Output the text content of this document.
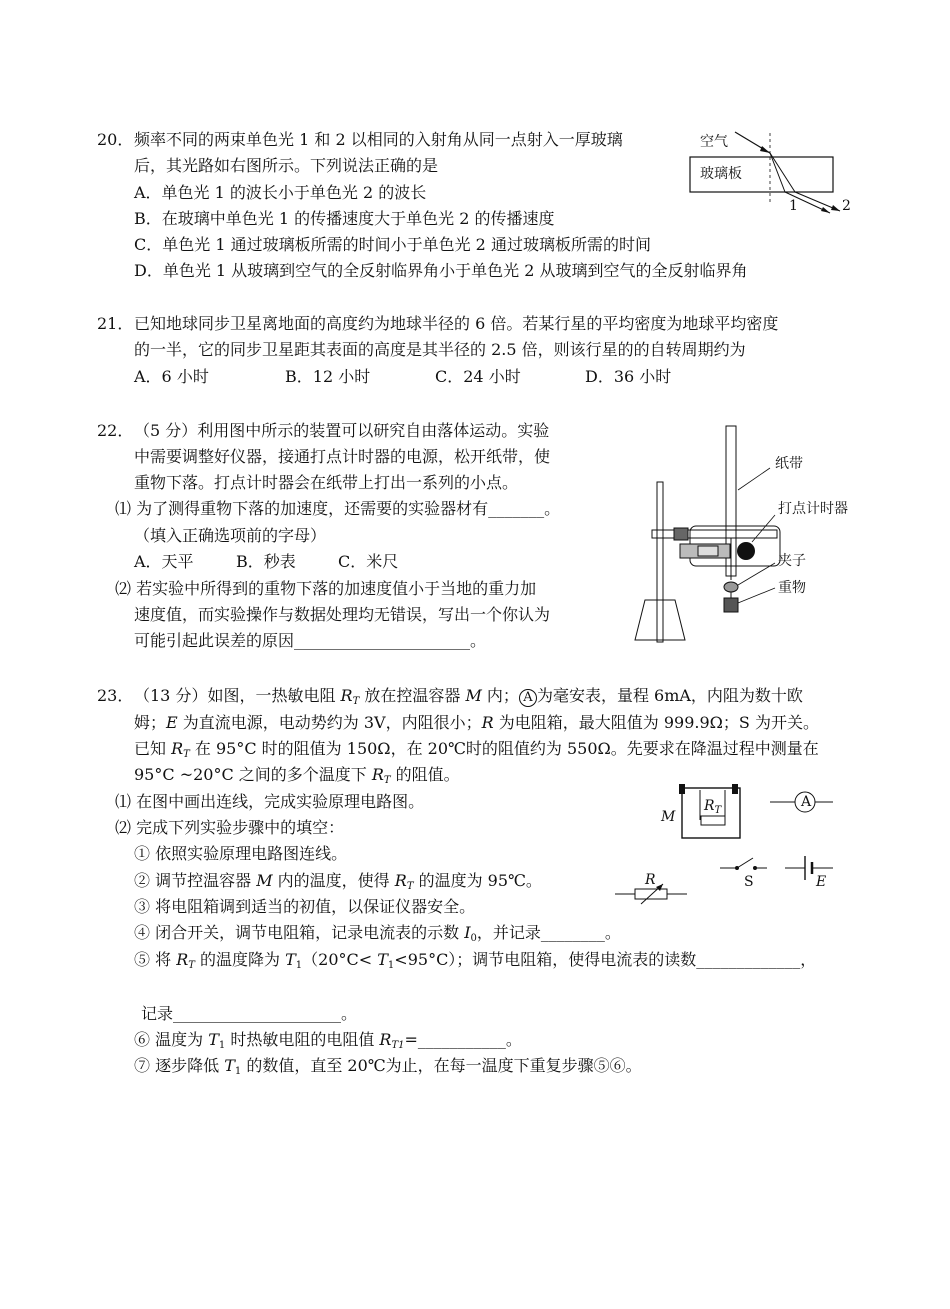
20． 频率不同的两束单色光 1 和 2 以相同的入射角从同一点射入一厚玻璃
后，其光路如右图所示。下列说法正确的是
A．单色光 1 的波长小于单色光 2 的波长
B．在玻璃中单色光 1 的传播速度大于单色光 2 的传播速度
C．单色光 1 通过玻璃板所需的时间小于单色光 2 通过玻璃板所需的时间
D．单色光 1 从玻璃到空气的全反射临界角小于单色光 2 从玻璃到空气的全反射临界角
空气
玻璃板
1	2
21． 已知地球同步卫星离地面的高度约为地球半径的 6 倍。若某行星的平均密度为地球平均密度
的一半，它的同步卫星距其表面的高度是其半径的 2.5 倍，则该行星的的自转周期约为
A．6 小时	B．12 小时	C．24 小时	D．36 小时
22． （5 分）利用图中所示的装置可以研究自由落体运动。实验
中需要调整好仪器，接通打点计时器的电源，松开纸带，使
重物下落。打点计时器会在纸带上打出一系列的小点。
⑴ 为了测得重物下落的加速度，还需要的实验器材有_______。
（填入正确选项前的字母）
A．天平	B．秒表	C．米尺
⑵ 若实验中所得到的重物下落的加速度值小于当地的重力加
速度值，而实验操作与数据处理均无错误，写出一个你认为
可能引起此误差的原因______________________。
纸带
打点计时器
夹子
重物
23． （13 分）如图，一热敏电阻 $R_T$ 放在控温容器 M 内； A 为毫安表，量程 6mA，内阻为数十欧
姆；E 为直流电源，电动势约为 3V，内阻很小；R 为电阻箱，最大阻值为 999.9Ω；S 为开关。
已知 $R_T$ 在 95°C 时的阻值为 150Ω，在 20℃时的阻值约为 550Ω。先要求在降温过程中测量在
95°C ~20°C 之间的多个温度下 $R_T$ 的阻值。
⑴ 在图中画出连线，完成实验原理电路图。
⑵ 完成下列实验步骤中的填空：
① 依照实验原理电路图连线。
② 调节控温容器 M 内的温度，使得 $R_T$ 的温度为 95℃。
③ 将电阻箱调到适当的初值，以保证仪器安全。
④ 闭合开关，调节电阻箱，记录电流表的示数 $I_0$，并记录________。
⑤ 将 $R_T$ 的温度降为 $T_1(20^\circ C< T_1<95^\circ C)$；调节电阻箱，使得电流表的读数_____________，
记录_____________________。
⑥ 温度为 $T_1$ 时热敏电阻的电阻值 $R_{T1}=\_\_\_\_\_\_\_\_\_\_\_$。
⑦ 逐步降低 $T_1$ 的数值，直至 20℃为止，在每一温度下重复步骤⑤⑥。
M
$R_T$
A
S	E
R
